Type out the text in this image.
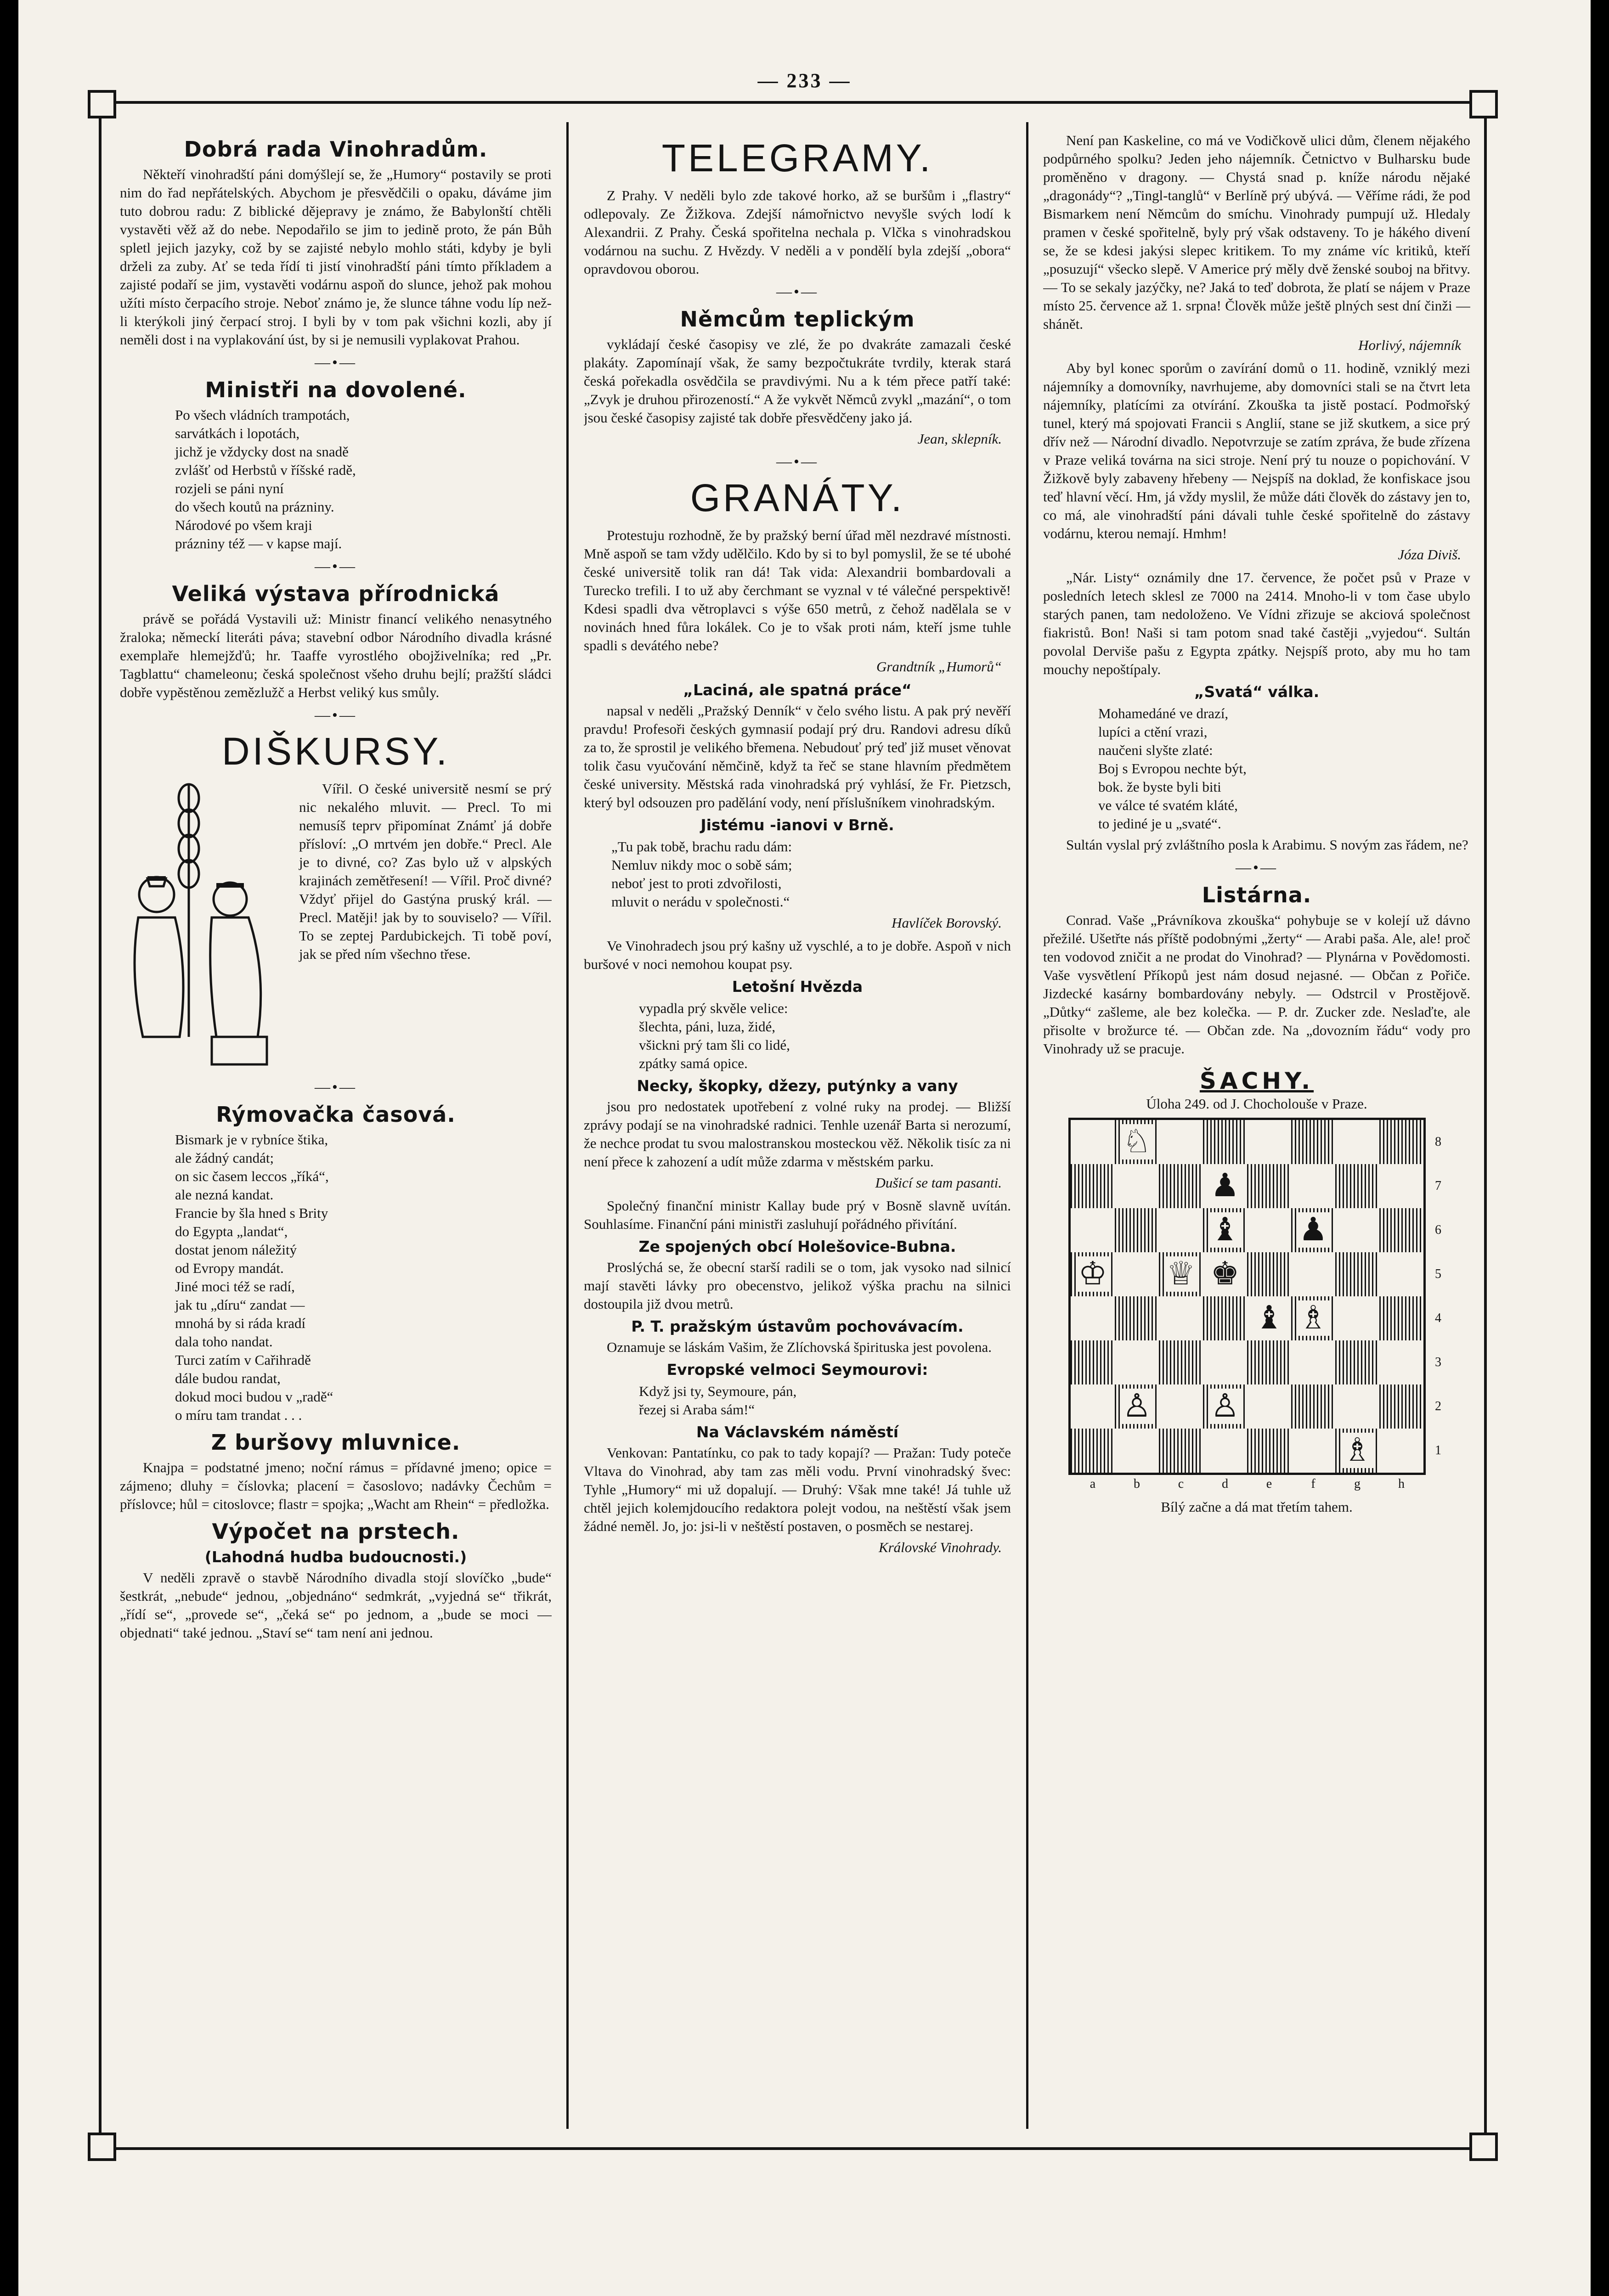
— 233 —
Dobrá rada Vinohradům.

Někteří vinohradští páni domýšlejí se, že „Humory“ postavily se proti nim do řad nepřátelských. Abychom je přesvědčili o opaku, dáváme jim tuto dobrou radu: Z biblické dějepravy je známo, že Babylonští chtěli vystavěti věž až do nebe. Nepodařilo se jim to jedině proto, že pán Bůh spletl jejich jazyky, což by se zajisté nebylo mohlo státi, kdyby je byli drželi za zuby. Ať se teda řídí ti jistí vinohradští páni tímto příkladem a zajisté podaří se jim, vystavěti vodárnu aspoň do slunce, jehož pak mohou užíti místo čerpacího stroje. Neboť známo je, že slunce táhne vodu líp než-li kterýkoli jiný čerpací stroj. I byli by v tom pak všichni kozli, aby jí neměli dost i na vyplakování úst, by si je nemusili vyplakovat Prahou.

—•—
Ministři na dovolené.
Po všech vládních trampotách,
sarvátkách i lopotách,
jichž je vždycky dost na snadě
zvlášť od Herbstů v říšské radě,
rozjeli se páni nyní
do všech koutů na prázniny.
Národové po všem kraji
prázniny též — v kapse mají.
—•—
Veliká výstava přírodnická

právě se pořádá Vystavili už: Ministr financí velikého nenasytného žraloka; německí literáti páva; stavební odbor Národního divadla krásné exemplaře hlemejžďů; hr. Taaffe vyrostlého obojživelníka; red „Pr. Tagblattu“ chameleonu; česká společnost všeho druhu bejlí; pražští sládci dobře vypěstěnou zemězlužč a Herbst veliký kus smůly.

—•—
DIŠKURSY.

Vířil. O české universitě nesmí se prý nic nekalého mluvit. — Precl. To mi nemusíš teprv připomínat Známť já dobře přísloví: „O mrtvém jen dobře.“ Precl. Ale je to divné, co? Zas bylo už v alpských krajinách zemětřesení! — Vířil. Proč divné? Vždyť přijel do Gastýna pruský král. — Precl. Matěji! jak by to souviselo? — Vířil. To se zeptej Pardubickejch. Ti tobě poví, jak se před ním všechno třese.

—•—
Rýmovačka časová.
Bismark je v rybníce štika,
ale žádný candát;
on sic časem leccos „říká“,
ale nezná kandat.
Francie by šla hned s Brity
do Egypta „landat“,
dostat jenom náležitý
od Evropy mandát.
Jiné moci též se radí,
jak tu „díru“ zandat —
mnohá by si ráda kradí
dala toho nandat.
Turci zatím v Cařihradě
dále budou randat,
dokud moci budou v „radě“
o míru tam trandat . . .
Z buršovy mluvnice.

Knajpa = podstatné jmeno; noční rámus = přídavné jmeno; opice = zájmeno; dluhy = číslovka; placení = časoslovo; nadávky Čechům = příslovce; hůl = citoslovce; flastr = spojka; „Wacht am Rhein“ = předložka.

Výpočet na prstech.
(Lahodná hudba budoucnosti.)

V neděli zpravě o stavbě Národního divadla stojí slovíčko „bude“ šestkrát, „nebude“ jednou, „objednáno“ sedmkrát, „vyjedná se“ třikrát, „řídí se“, „provede se“, „čeká se“ po jednom, a „bude se moci — objednati“ také jednou. „Staví se“ tam není ani jednou.

TELEGRAMY.

Z Prahy. V neděli bylo zde takové horko, až se buršům i „flastry“ odlepovaly. Ze Žižkova. Zdejší námořnictvo nevyšle svých lodí k Alexandrii. Z Prahy. Česká spořitelna nechala p. Vlčka s vinohradskou vodárnou na suchu. Z Hvězdy. V neděli a v pondělí byla zdejší „obora“ opravdovou oborou.

—•—
Němcům teplickým

vykládají české časopisy ve zlé, že po dvakráte zamazali české plakáty. Zapomínají však, že samy bezpočtukráte tvrdily, kterak stará česká pořekadla osvědčila se pravdivými. Nu a k tém přece patří také: „Zvyk je druhou přirozeností.“ A že vykvět Němců zvykl „mazání“, o tom jsou české časopisy zajisté tak dobře přesvědčeny jako já.

Jean, sklepník.
—•—
GRANÁTY.

Protestuju rozhodně, že by pražský berní úřad měl nezdravé místnosti. Mně aspoň se tam vždy udělčilo. Kdo by si to byl pomyslil, že se té ubohé české universitě tolik ran dá! Tak vida: Alexandrii bombardovali a Turecko trefili. I to už aby čerchmant se vyznal v té válečné perspektivě! Kdesi spadli dva větroplavci s výše 650 metrů, z čehož nadělala se v novinách hned fůra lokálek. Co je to však proti nám, kteří jsme tuhle spadli s devátého nebe?

Grandtník „Humorů“
„Laciná, ale spatná práce“

napsal v neděli „Pražský Denník“ v čelo svého listu. A pak prý nevěří pravdu! Profesoři českých gymnasií podají prý dru. Randovi adresu díků za to, že sprostil je velikého břemena. Nebudouť prý teď již muset věnovat tolik času vyučování němčině, když ta řeč se stane hlavním předmětem české university. Městská rada vinohradská prý vyhlásí, že Fr. Pietzsch, který byl odsouzen pro padělání vody, není příslušníkem vinohradským.

Jistému -ianovi v Brně.
„Tu pak tobě, brachu radu dám:
Nemluv nikdy moc o sobě sám;
neboť jest to proti zdvořilosti,
mluvit o nerádu v společnosti.“
Havlíček Borovský.

Ve Vinohradech jsou prý kašny už vyschlé, a to je dobře. Aspoň v nich buršové v noci nemohou koupat psy.

Letošní Hvězda
vypadla prý skvěle velice:
šlechta, páni, luza, židé,
všickni prý tam šli co lidé,
zpátky samá opice.
Necky, škopky, džezy, putýnky a vany

jsou pro nedostatek upotřebení z volné ruky na prodej. — Bližší zprávy podají se na vinohradské radnici. Tenhle uzenář Barta si nerozumí, že nechce prodat tu svou malostranskou mosteckou věž. Několik tisíc za ni není přece k zahození a udít může zdarma v městském parku.

Dušicí se tam pasanti.

Společný finanční ministr Kallay bude prý v Bosně slavně uvítán. Souhlasíme. Finanční páni ministři zasluhují pořádného přivítání.

Ze spojených obcí Holešovice-Bubna.

Proslýchá se, že obecní starší radili se o tom, jak vysoko nad silnicí mají stavěti lávky pro obecenstvo, jelikož výška prachu na silnici dostoupila již dvou metrů.

P. T. pražským ústavům pochovávacím.

Oznamuje se láskám Vašim, že Zlíchovská špirituska jest povolena.

Evropské velmoci Seymourovi:
Když jsi ty, Seymoure, pán,
řezej si Araba sám!“
Na Václavském náměstí

Venkovan: Pantatínku, co pak to tady kopají? — Pražan: Tudy poteče Vltava do Vinohrad, aby tam zas měli vodu. První vinohradský švec: Tyhle „Humory“ mi už dopalují. — Druhý: Však mne také! Já tuhle už chtěl jejich kolemjdoucího redaktora polejt vodou, na neštěstí však jsem žádné neměl. Jo, jo: jsi-li v neštěstí postaven, o posměch se nestarej.

Královské Vinohrady.

Není pan Kaskeline, co má ve Vodičkově ulici dům, členem nějakého podpůrného spolku? Jeden jeho nájemník. Četnictvo v Bulharsku bude proměněno v dragony. — Chystá snad p. kníže národu nějaké „dragonády“? „Tingl-tanglů“ v Berlíně prý ubývá. — Věříme rádi, že pod Bismarkem není Němcům do smíchu. Vinohrady pumpují už. Hledaly pramen v české spořitelně, byly prý však odstaveny. To je hákého divení se, že se kdesi jakýsi slepec kritikem. To my známe víc kritiků, kteří „posuzují“ všecko slepě. V Americe prý měly dvě ženské souboj na břitvy. — To se sekaly jazýčky, ne? Jaká to teď dobrota, že platí se nájem v Praze místo 25. července až 1. srpna! Člověk může ještě plných sest dní činži — shánět.

Horlivý, nájemník

Aby byl konec sporům o zavírání domů o 11. hodině, vzniklý mezi nájemníky a domovníky, navrhujeme, aby domovníci stali se na čtvrt leta nájemníky, platícími za otvírání. Zkouška ta jistě postací. Podmořský tunel, který má spojovati Francii s Anglií, stane se již skutkem, a sice prý dřív než — Národní divadlo. Nepotvrzuje se zatím zpráva, že bude zřízena v Praze veliká továrna na sici stroje. Není prý tu nouze o popichování. V Žižkově byly zabaveny hřebeny — Nejspíš na doklad, že konfiskace jsou teď hlavní věcí. Hm, já vždy myslil, že může dáti člověk do zástavy jen to, co má, ale vinohradští páni dávali tuhle české spořitelně do zástavy vodárnu, kterou nemají. Hmhm!

Józa Diviš.

„Nár. Listy“ oznámily dne 17. července, že počet psů v Praze v posledních letech sklesl ze 7000 na 2414. Mnoho-li v tom čase ubylo starých panen, tam nedoloženo. Ve Vídni zřizuje se akciová společnost fiakristů. Bon! Naši si tam potom snad také častěji „vyjedou“. Sultán povolal Derviše pašu z Egypta zpátky. Nejspíš proto, aby mu ho tam mouchy nepoštípaly.

„Svatá“ válka.
Mohamedáné ve drazí,
lupíci a ctění vrazi,
naučeni slyšte zlaté:
Boj s Evropou nechte být,
bok. že byste byli biti
ve válce té svatém kláté,
to jediné je u „svaté“.

Sultán vyslal prý zvláštního posla k Arabimu. S novým zas řádem, ne?

—•—
Listárna.

Conrad. Vaše „Právníkova zkouška“ pohybuje se v kolejí už dávno přežilé. Ušetřte nás příště podobnými „žerty“ — Arabi paša. Ale, ale! proč ten vodovod zničit a ne prodat do Vinohrad? — Plynárna v Povědomosti. Vaše vysvětlení Příkopů jest nám dosud nejasné. — Občan z Pořiče. Jizdecké kasárny bombardovány nebyly. — Odstrcil v Prostějově. „Důtky“ zašleme, ale bez kolečka. — P. dr. Zucker zde. Neslaďte, ale přisolte v brožurce té. — Občan zde. Na „dovozním řádu“ vody pro Vinohrady už se pracuje.

ŠACHY.
Úloha 249. od J. Chocholouše v Praze.
♘
♟
♝ ♟
♔ ♕ ♚
♝ ♗
♙ ♙
♗
8
7
6
5
4
3
2
1
a	b	c	d	e	f	g	h
Bílý začne a dá mat třetím tahem.
